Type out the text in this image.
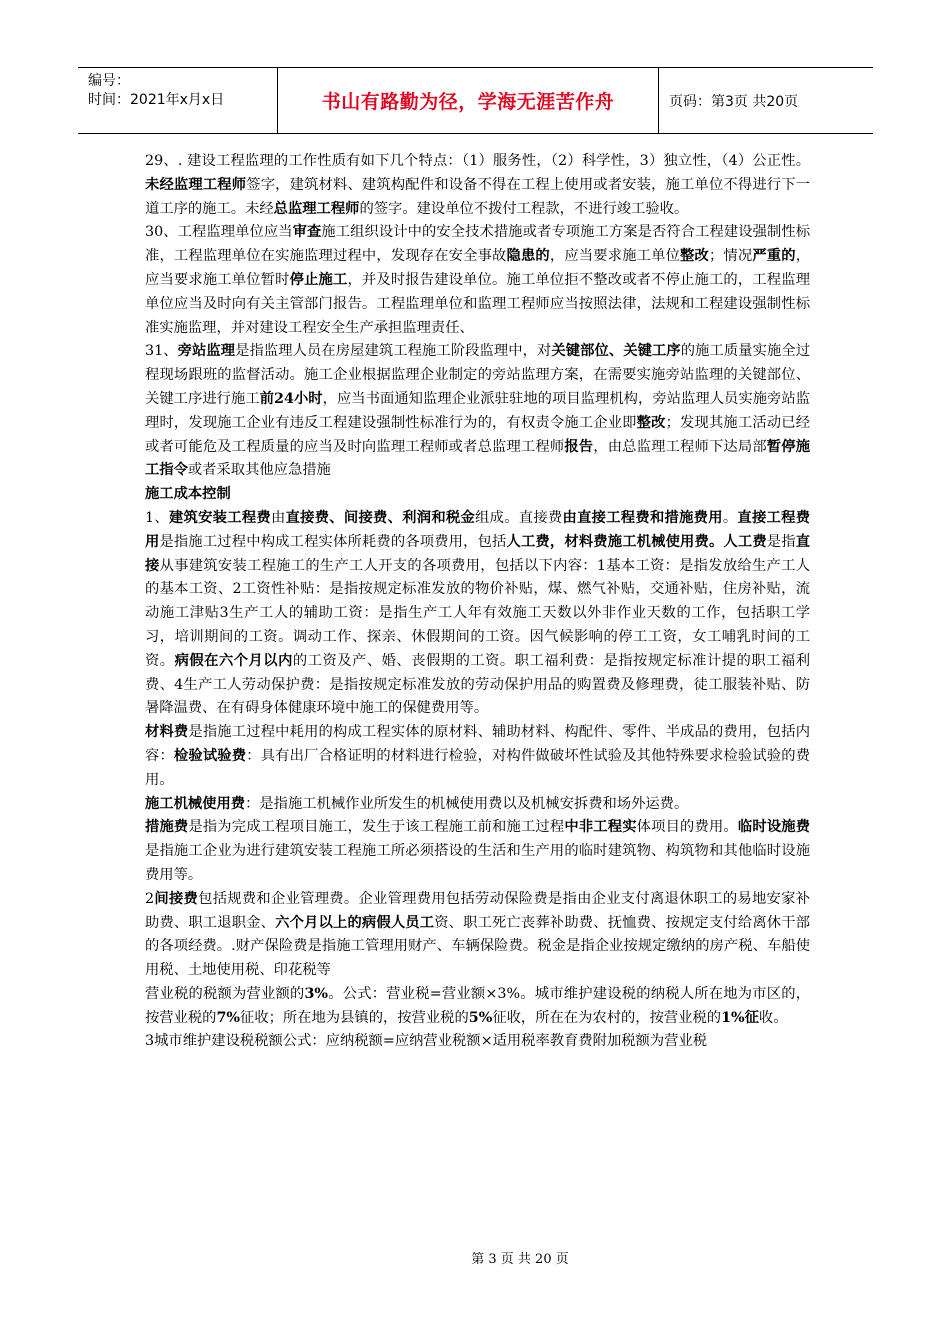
编号：
时间：2021年x月x日	书山有路勤为径，学海无涯苦作舟	页码：第3页 共20页

29、. 建设工程监理的工作性质有如下几个特点：（1）服务性，（2）科学性，3）独立性，（4）公正性。未经监理工程师签字，建筑材料、建筑构配件和设备不得在工程上使用或者安装，施工单位不得进行下一道工序的施工。未经总监理工程师的签字。建设单位不拨付工程款，不进行竣工验收。

30、工程监理单位应当审查施工组织设计中的安全技术措施或者专项施工方案是否符合工程建设强制性标准，工程监理单位在实施监理过程中，发现存在安全事故隐患的，应当要求施工单位整改；情况严重的，应当要求施工单位暂时停止施工，并及时报告建设单位。施工单位拒不整改或者不停止施工的，工程监理单位应当及时向有关主管部门报告。工程监理单位和监理工程师应当按照法律，法规和工程建设强制性标准实施监理，并对建设工程安全生产承担监理责任、

31、旁站监理是指监理人员在房屋建筑工程施工阶段监理中，对关键部位、关键工序的施工质量实施全过程现场跟班的监督活动。施工企业根据监理企业制定的旁站监理方案，在需要实施旁站监理的关键部位、关键工序进行施工前24小时，应当书面通知监理企业派驻驻地的项目监理机构，旁站监理人员实施旁站监理时，发现施工企业有违反工程建设强制性标准行为的，有权责令施工企业即整改；发现其施工活动已经或者可能危及工程质量的应当及时向监理工程师或者总监理工程师报告，由总监理工程师下达局部暂停施工指令或者采取其他应急措施

施工成本控制

1、建筑安装工程费由直接费、间接费、利润和税金组成。直接费由直接工程费和措施费用。直接工程费用是指施工过程中构成工程实体所耗费的各项费用，包括人工费，材料费施工机械使用费。人工费是指直接从事建筑安装工程施工的生产工人开支的各项费用，包括以下内容：1基本工资：是指发放给生产工人的基本工资、2工资性补贴：是指按规定标准发放的物价补贴，煤、燃气补贴，交通补贴，住房补贴，流动施工津贴3生产工人的辅助工资：是指生产工人年有效施工天数以外非作业天数的工作，包括职工学习，培训期间的工资。调动工作、探亲、休假期间的工资。因气候影响的停工工资，女工哺乳时间的工资。病假在六个月以内的工资及产、婚、丧假期的工资。职工福利费：是指按规定标准计提的职工福利费、4生产工人劳动保护费：是指按规定标准发放的劳动保护用品的购置费及修理费，徒工服装补贴、防暑降温费、在有碍身体健康环境中施工的保健费用等。

材料费是指施工过程中耗用的构成工程实体的原材料、辅助材料、构配件、零件、半成品的费用，包括内容：检验试验费：具有出厂合格证明的材料进行检验，对构件做破坏性试验及其他特殊要求检验试验的费用。

施工机械使用费：是指施工机械作业所发生的机械使用费以及机械安拆费和场外运费。

措施费是指为完成工程项目施工，发生于该工程施工前和施工过程中非工程实体项目的费用。临时设施费是指施工企业为进行建筑安装工程施工所必须搭设的生活和生产用的临时建筑物、构筑物和其他临时设施费用等。

2间接费包括规费和企业管理费。企业管理费用包括劳动保险费是指由企业支付离退休职工的易地安家补助费、职工退职金、六个月以上的病假人员工资、职工死亡丧葬补助费、抚恤费、按规定支付给离休干部的各项经费。.财产保险费是指施工管理用财产、车辆保险费。税金是指企业按规定缴纳的房产税、车船使用税、土地使用税、印花税等

营业税的税额为营业额的3%。公式：营业税=营业额×3%。城市维护建设税的纳税人所在地为市区的，按营业税的7%征收；所在地为县镇的，按营业税的5%征收，所在在为农村的，按营业税的1%征收。

3城市维护建设税税额公式：应纳税额=应纳营业税额×适用税率教育费附加税额为营业税

第 3 页 共 20 页
